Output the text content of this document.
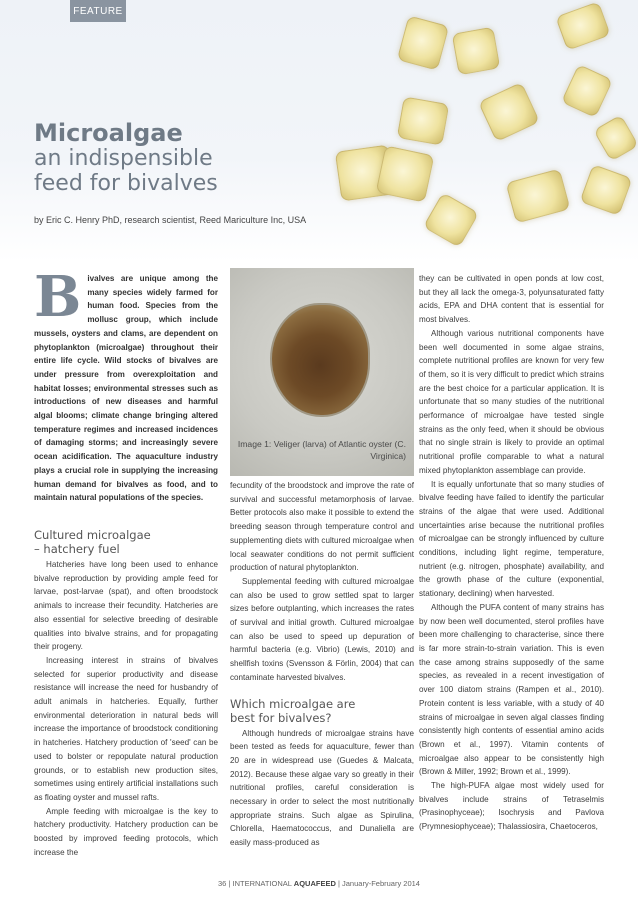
FEATURE
Microalgae
an indispensible
feed for bivalves
by Eric C. Henry PhD, research scientist, Reed Mariculture Inc, USA
Bivalves are unique among the many species widely farmed for human food. Species from the mollusc group, which include mussels, oysters and clams, are dependent on phytoplankton (microalgae) throughout their entire life cycle. Wild stocks of bivalves are under pressure from overexploitation and habitat losses; environmental stresses such as introductions of new diseases and harmful algal blooms; climate change bringing altered temperature regimes and increased incidences of damaging storms; and increasingly severe ocean acidification. The aquaculture industry plays a crucial role in supplying the increasing human demand for bivalves as food, and to maintain natural populations of the species.
Cultured microalgae
– hatchery fuel

Hatcheries have long been used to enhance bivalve reproduction by providing ample feed for larvae, post-larvae (spat), and often broodstock animals to increase their fecundity. Hatcheries are also essential for selective breeding of desirable qualities into bivalve strains, and for propagating their progeny.

Increasing interest in strains of bivalves selected for superior productivity and disease resistance will increase the need for husbandry of adult animals in hatcheries. Equally, further environmental deterioration in natural beds will increase the importance of broodstock conditioning in hatcheries. Hatchery production of 'seed' can be used to bolster or repopulate natural production grounds, or to establish new production sites, sometimes using entirely artificial installations such as floating oyster and mussel rafts.

Ample feeding with microalgae is the key to hatchery productivity. Hatchery production can be boosted by improved feeding protocols, which increase the

Image 1: Veliger (larva) of Atlantic oyster (C. Virginica)

fecundity of the broodstock and improve the rate of survival and successful metamorphosis of larvae. Better protocols also make it possible to extend the breeding season through temperature control and supplementing diets with cultured microalgae when local seawater conditions do not permit sufficient production of natural phytoplankton.

Supplemental feeding with cultured microalgae can also be used to grow settled spat to larger sizes before outplanting, which increases the rates of survival and initial growth. Cultured microalgae can also be used to speed up depuration of harmful bacteria (e.g. Vibrio) (Lewis, 2010) and shellfish toxins (Svensson & Förlin, 2004) that can contaminate harvested bivalves.

Which microalgae are
best for bivalves?

Although hundreds of microalgae strains have been tested as feeds for aquaculture, fewer than 20 are in widespread use (Guedes & Malcata, 2012). Because these algae vary so greatly in their nutritional profiles, careful consideration is necessary in order to select the most nutritionally appropriate strains. Such algae as Spirulina, Chlorella, Haematococcus, and Dunaliella are easily mass-produced as

they can be cultivated in open ponds at low cost, but they all lack the omega-3, polyunsaturated fatty acids, EPA and DHA content that is essential for most bivalves.

Although various nutritional components have been well documented in some algae strains, complete nutritional profiles are known for very few of them, so it is very difficult to predict which strains are the best choice for a particular application. It is unfortunate that so many studies of the nutritional performance of microalgae have tested single strains as the only feed, when it should be obvious that no single strain is likely to provide an optimal nutritional profile comparable to what a natural mixed phytoplankton assemblage can provide.

It is equally unfortunate that so many studies of bivalve feeding have failed to identify the particular strains of the algae that were used. Additional uncertainties arise because the nutritional profiles of microalgae can be strongly influenced by culture conditions, including light regime, temperature, nutrient (e.g. nitrogen, phosphate) availability, and the growth phase of the culture (exponential, stationary, declining) when harvested.

Although the PUFA content of many strains has by now been well documented, sterol profiles have been more challenging to characterise, since there is far more strain-to-strain variation. This is even the case among strains supposedly of the same species, as revealed in a recent investigation of over 100 diatom strains (Rampen et al., 2010). Protein content is less variable, with a study of 40 strains of microalgae in seven algal classes finding consistently high contents of essential amino acids (Brown et al., 1997). Vitamin contents of microalgae also appear to be consistently high (Brown & Miller, 1992; Brown et al., 1999).

The high-PUFA algae most widely used for bivalves include strains of Tetraselmis (Prasinophyceae); Isochrysis and Pavlova (Prymnesiophyceae); Thalassiosira, Chaetoceros,

36 | INTERNATIONAL AQUAFEED | January-February 2014
